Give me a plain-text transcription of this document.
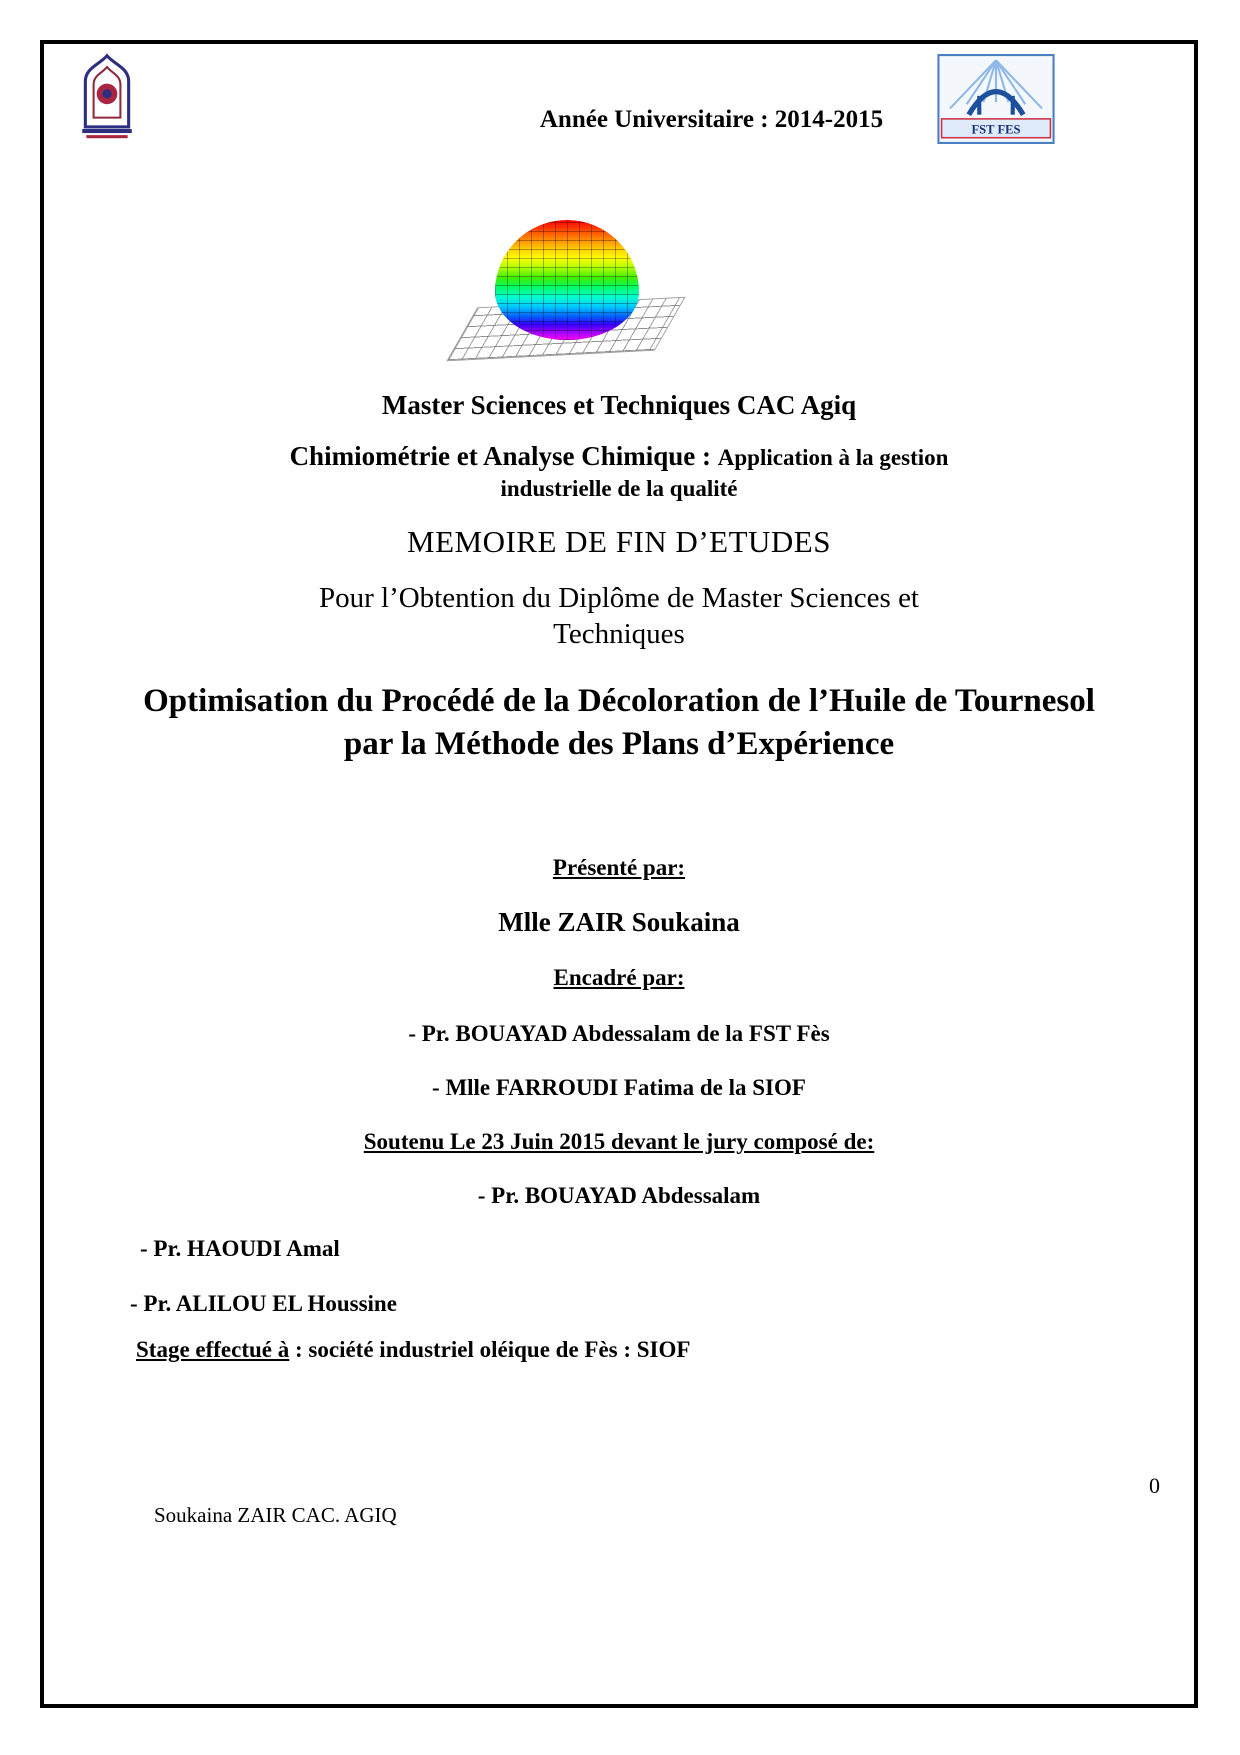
Année Universitaire : 2014-2015	FST FES
Master Sciences et Techniques CAC Agiq
Chimiométrie et Analyse Chimique : Application à la gestion industrielle de la qualité
MEMOIRE DE FIN D’ETUDES
Pour l’Obtention du Diplôme de Master Sciences et Techniques
Optimisation du Procédé de la Décoloration de l’Huile de Tournesol par la Méthode des Plans d’Expérience
Présenté par:
Mlle ZAIR Soukaina
Encadré par:
- Pr. BOUAYAD Abdessalam de la FST Fès
- Mlle FARROUDI Fatima de la SIOF
Soutenu Le 23 Juin 2015 devant le jury composé de:
- Pr. BOUAYAD Abdessalam
- Pr. HAOUDI Amal
- Pr. ALILOU EL Houssine
Stage effectué à : société industriel oléique de Fès : SIOF
0
Soukaina ZAIR CAC. AGIQ
